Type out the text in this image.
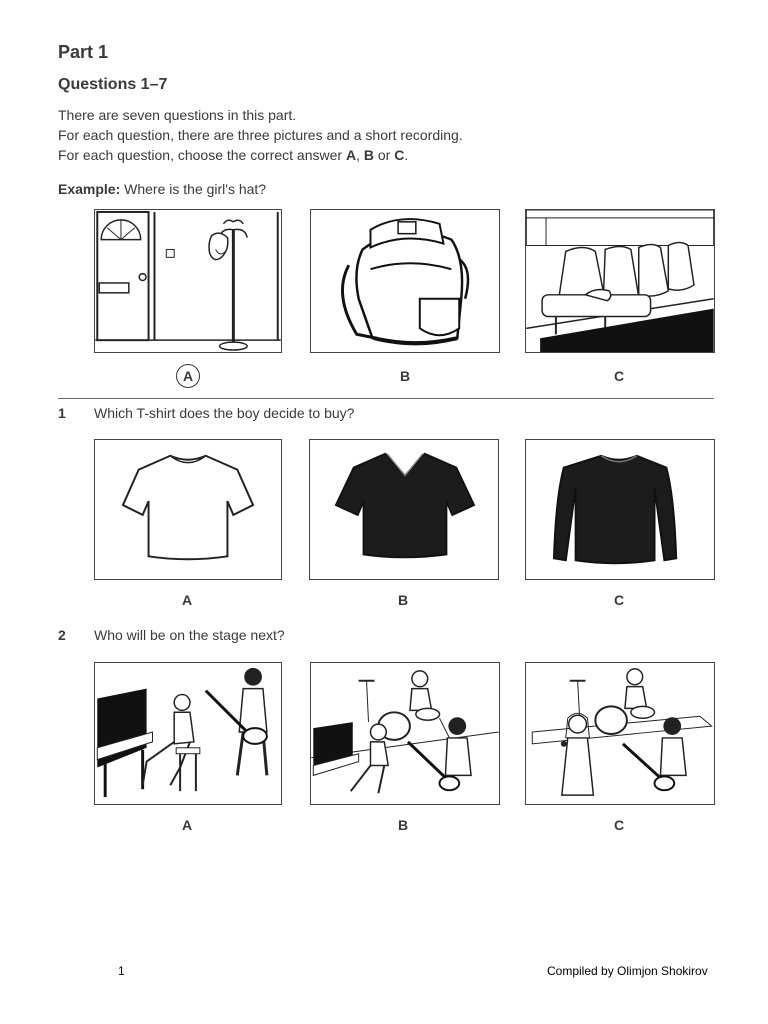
Part 1
Questions 1–7
There are seven questions in this part.
For each question, there are three pictures and a short recording.
For each question, choose the correct answer A, B or C.
Example: Where is the girl's hat?
A	B	C
1 Which T-shirt does the boy decide to buy?
A	B	C
2 Who will be on the stage next?
A	B	C
1	Compiled by Olimjon Shokirov
